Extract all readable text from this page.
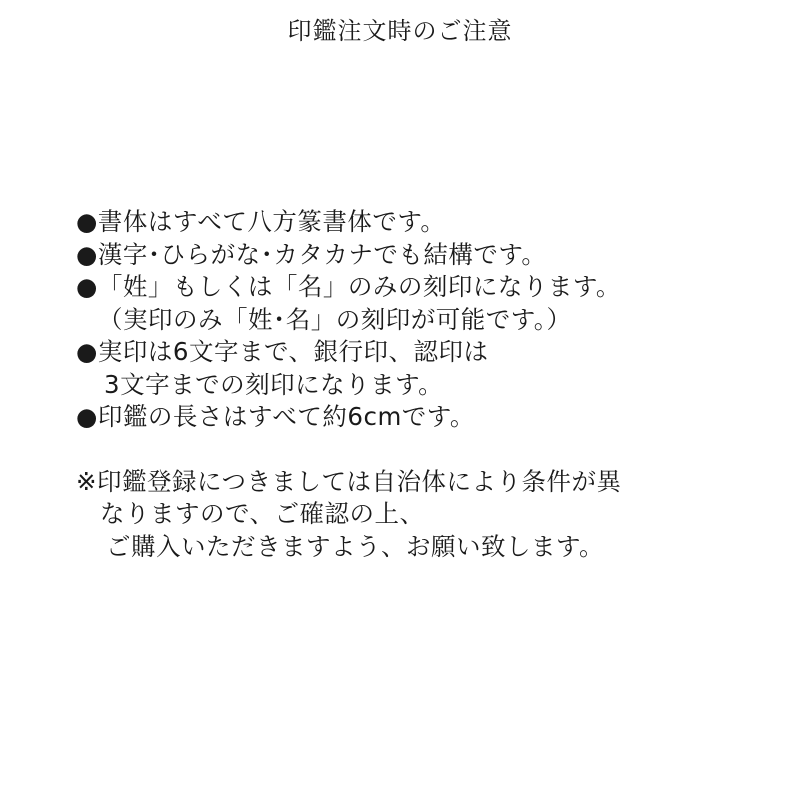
印鑑注文時のご注意
●書体はすべて八方篆書体です。
●漢字･ひらがな･カタカナでも結構です。
●「姓」もしくは「名」のみの刻印になります。
（実印のみ「姓･名」の刻印が可能です。）
●実印は6文字まで、銀行印、認印は
3文字までの刻印になります。
●印鑑の長さはすべて約6cmです。
※印鑑登録につきましては自治体により条件が異
なりますので、ご確認の上、
ご購入いただきますよう、お願い致します。
